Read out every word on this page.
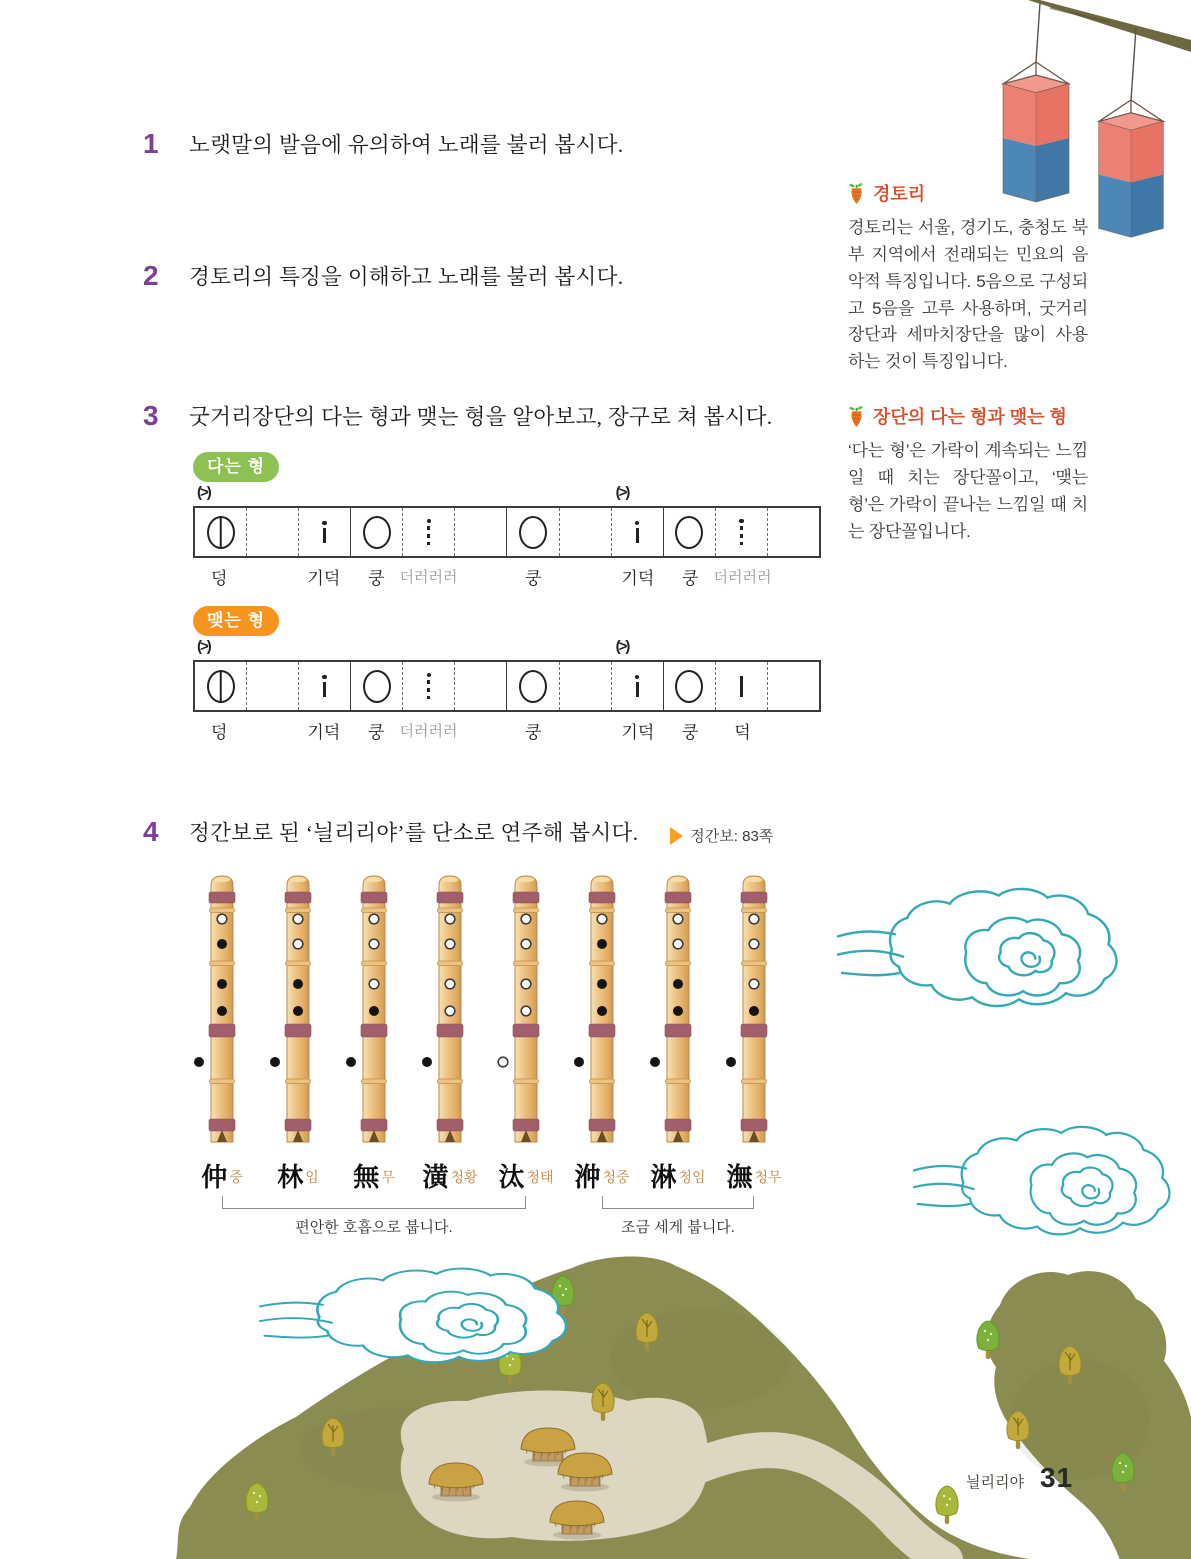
1	노랫말의 발음에 유의하여 노래를 불러 봅시다.
2	경토리의 특징을 이해하고 노래를 불러 봅시다.
3	굿거리장단의 다는 형과 맺는 형을 알아보고, 장구로 쳐 봅시다.
4	정간보로 된 ‘늴리리야’를 단소로 연주해 봅시다.	정간보: 83쪽
다는 형
(>)	(>)
덩	기덕 쿵 더러러러	쿵	기덕 쿵 더러러러
맺는 형
(>)	(>)
덩	기덕 쿵 더러러러	쿵	기덕 쿵 덕
仲중	林임	無무	潢청황 汰청태 㳞청중 淋청임 潕청무
편안한 호흡으로 붑니다.	조금 세게 붑니다.
경토리
경토리는 서울, 경기도, 충청도 북부 지역에서 전래되는 민요의 음악적 특징입니다. 5음으로 구성되고 5음을 고루 사용하며, 굿거리장단과 세마치장단을 많이 사용하는 것이 특징입니다.
장단의 다는 형과 맺는 형
‘다는 형’은 가락이 계속되는 느낌일 때 치는 장단꼴이고, ‘맺는 형’은 가락이 끝나는 느낌일 때 치는 장단꼴입니다.
늴리리야 31
